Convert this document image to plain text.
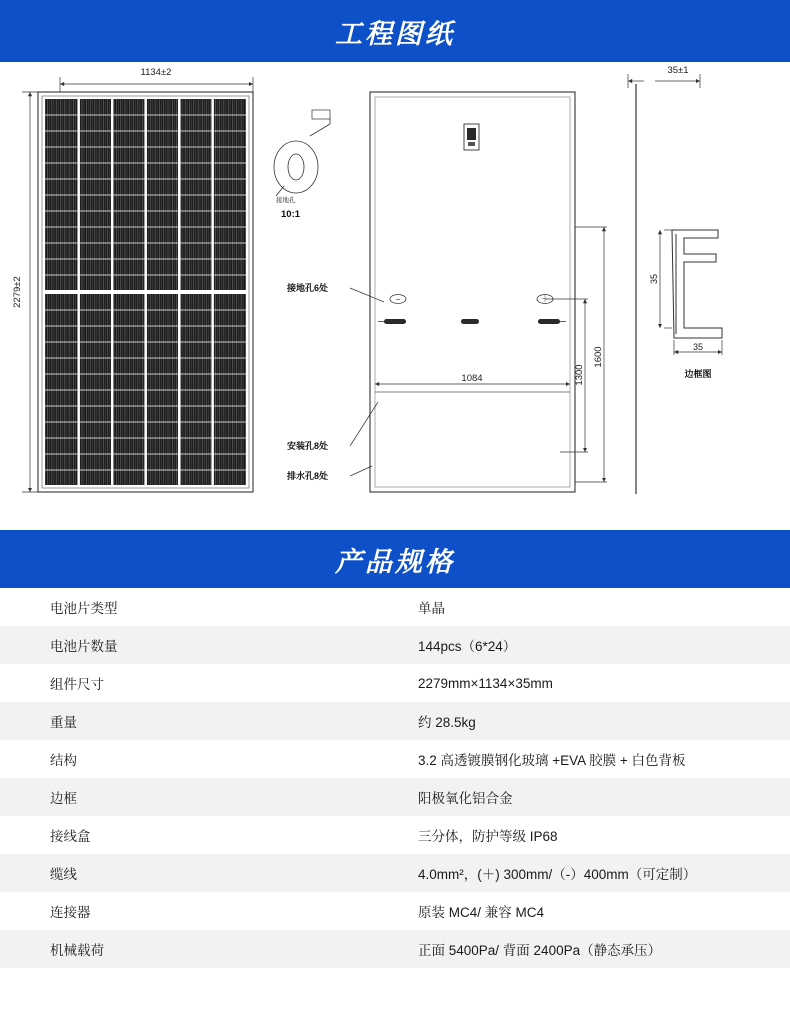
工程图纸
1134±2
2279±2	−	＋
1084	1300
1600
接地孔
10:1
接地孔6处
安装孔8处
排水孔8处
35±1
35
35
边框图
产品规格
电池片类型	单晶
电池片数量	144pcs（6*24）
组件尺寸	2279mm×1134×35mm
重量	约 28.5kg
结构	3.2 高透镀膜钢化玻璃 +EVA 胶膜 + 白色背板
边框	阳极氧化铝合金
接线盒	三分体，防护等级 IP68
缆线	4.0mm²，(＋) 300mm/（-）400mm（可定制）
连接器	原装 MC4/ 兼容 MC4
机械载荷	正面 5400Pa/ 背面 2400Pa（静态承压）
